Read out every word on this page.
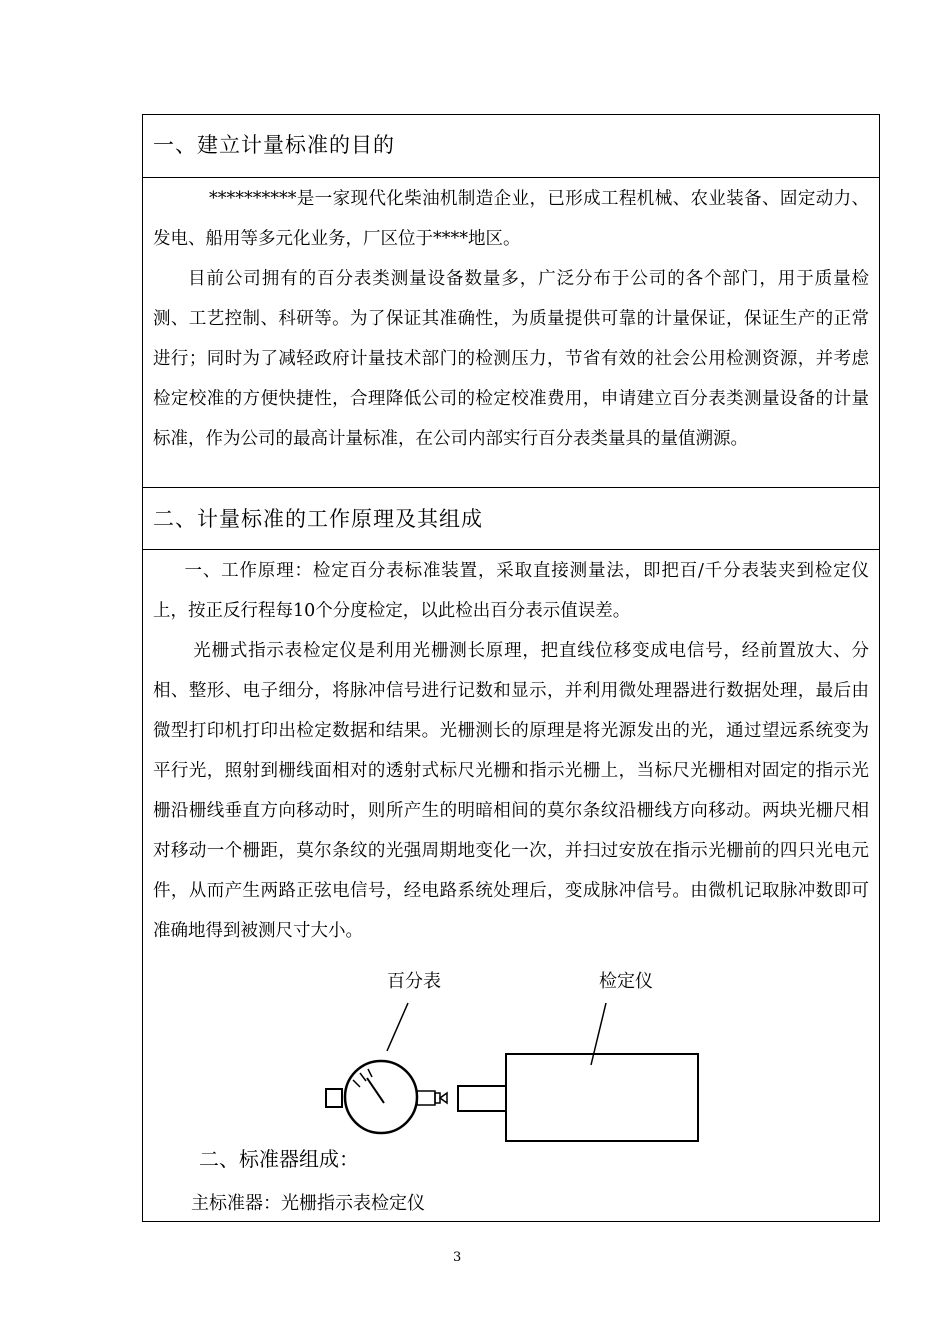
一、建立计量标准的目的

**********是一家现代化柴油机制造企业，已形成工程机械、农业装备、固定动力、发电、船用等多元化业务，厂区位于****地区。

目前公司拥有的百分表类测量设备数量多，广泛分布于公司的各个部门，用于质量检测、工艺控制、科研等。为了保证其准确性，为质量提供可靠的计量保证，保证生产的正常进行；同时为了减轻政府计量技术部门的检测压力，节省有效的社会公用检测资源，并考虑检定校准的方便快捷性，合理降低公司的检定校准费用，申请建立百分表类测量设备的计量标准，作为公司的最高计量标准，在公司内部实行百分表类量具的量值溯源。

二、计量标准的工作原理及其组成

一、工作原理：检定百分表标准装置，采取直接测量法，即把百/千分表装夹到检定仪上，按正反行程每10个分度检定，以此检出百分表示值误差。

光栅式指示表检定仪是利用光栅测长原理，把直线位移变成电信号，经前置放大、分相、整形、电子细分，将脉冲信号进行记数和显示，并利用微处理器进行数据处理，最后由微型打印机打印出检定数据和结果。光栅测长的原理是将光源发出的光，通过望远系统变为平行光，照射到栅线面相对的透射式标尺光栅和指示光栅上，当标尺光栅相对固定的指示光栅沿栅线垂直方向移动时，则所产生的明暗相间的莫尔条纹沿栅线方向移动。两块光栅尺相对移动一个栅距，莫尔条纹的光强周期地变化一次，并扫过安放在指示光栅前的四只光电元件，从而产生两路正弦电信号，经电路系统处理后，变成脉冲信号。由微机记取脉冲数即可准确地得到被测尺寸大小。

百分表	检定仪
二、标准器组成：
主标准器：光栅指示表检定仪
3
